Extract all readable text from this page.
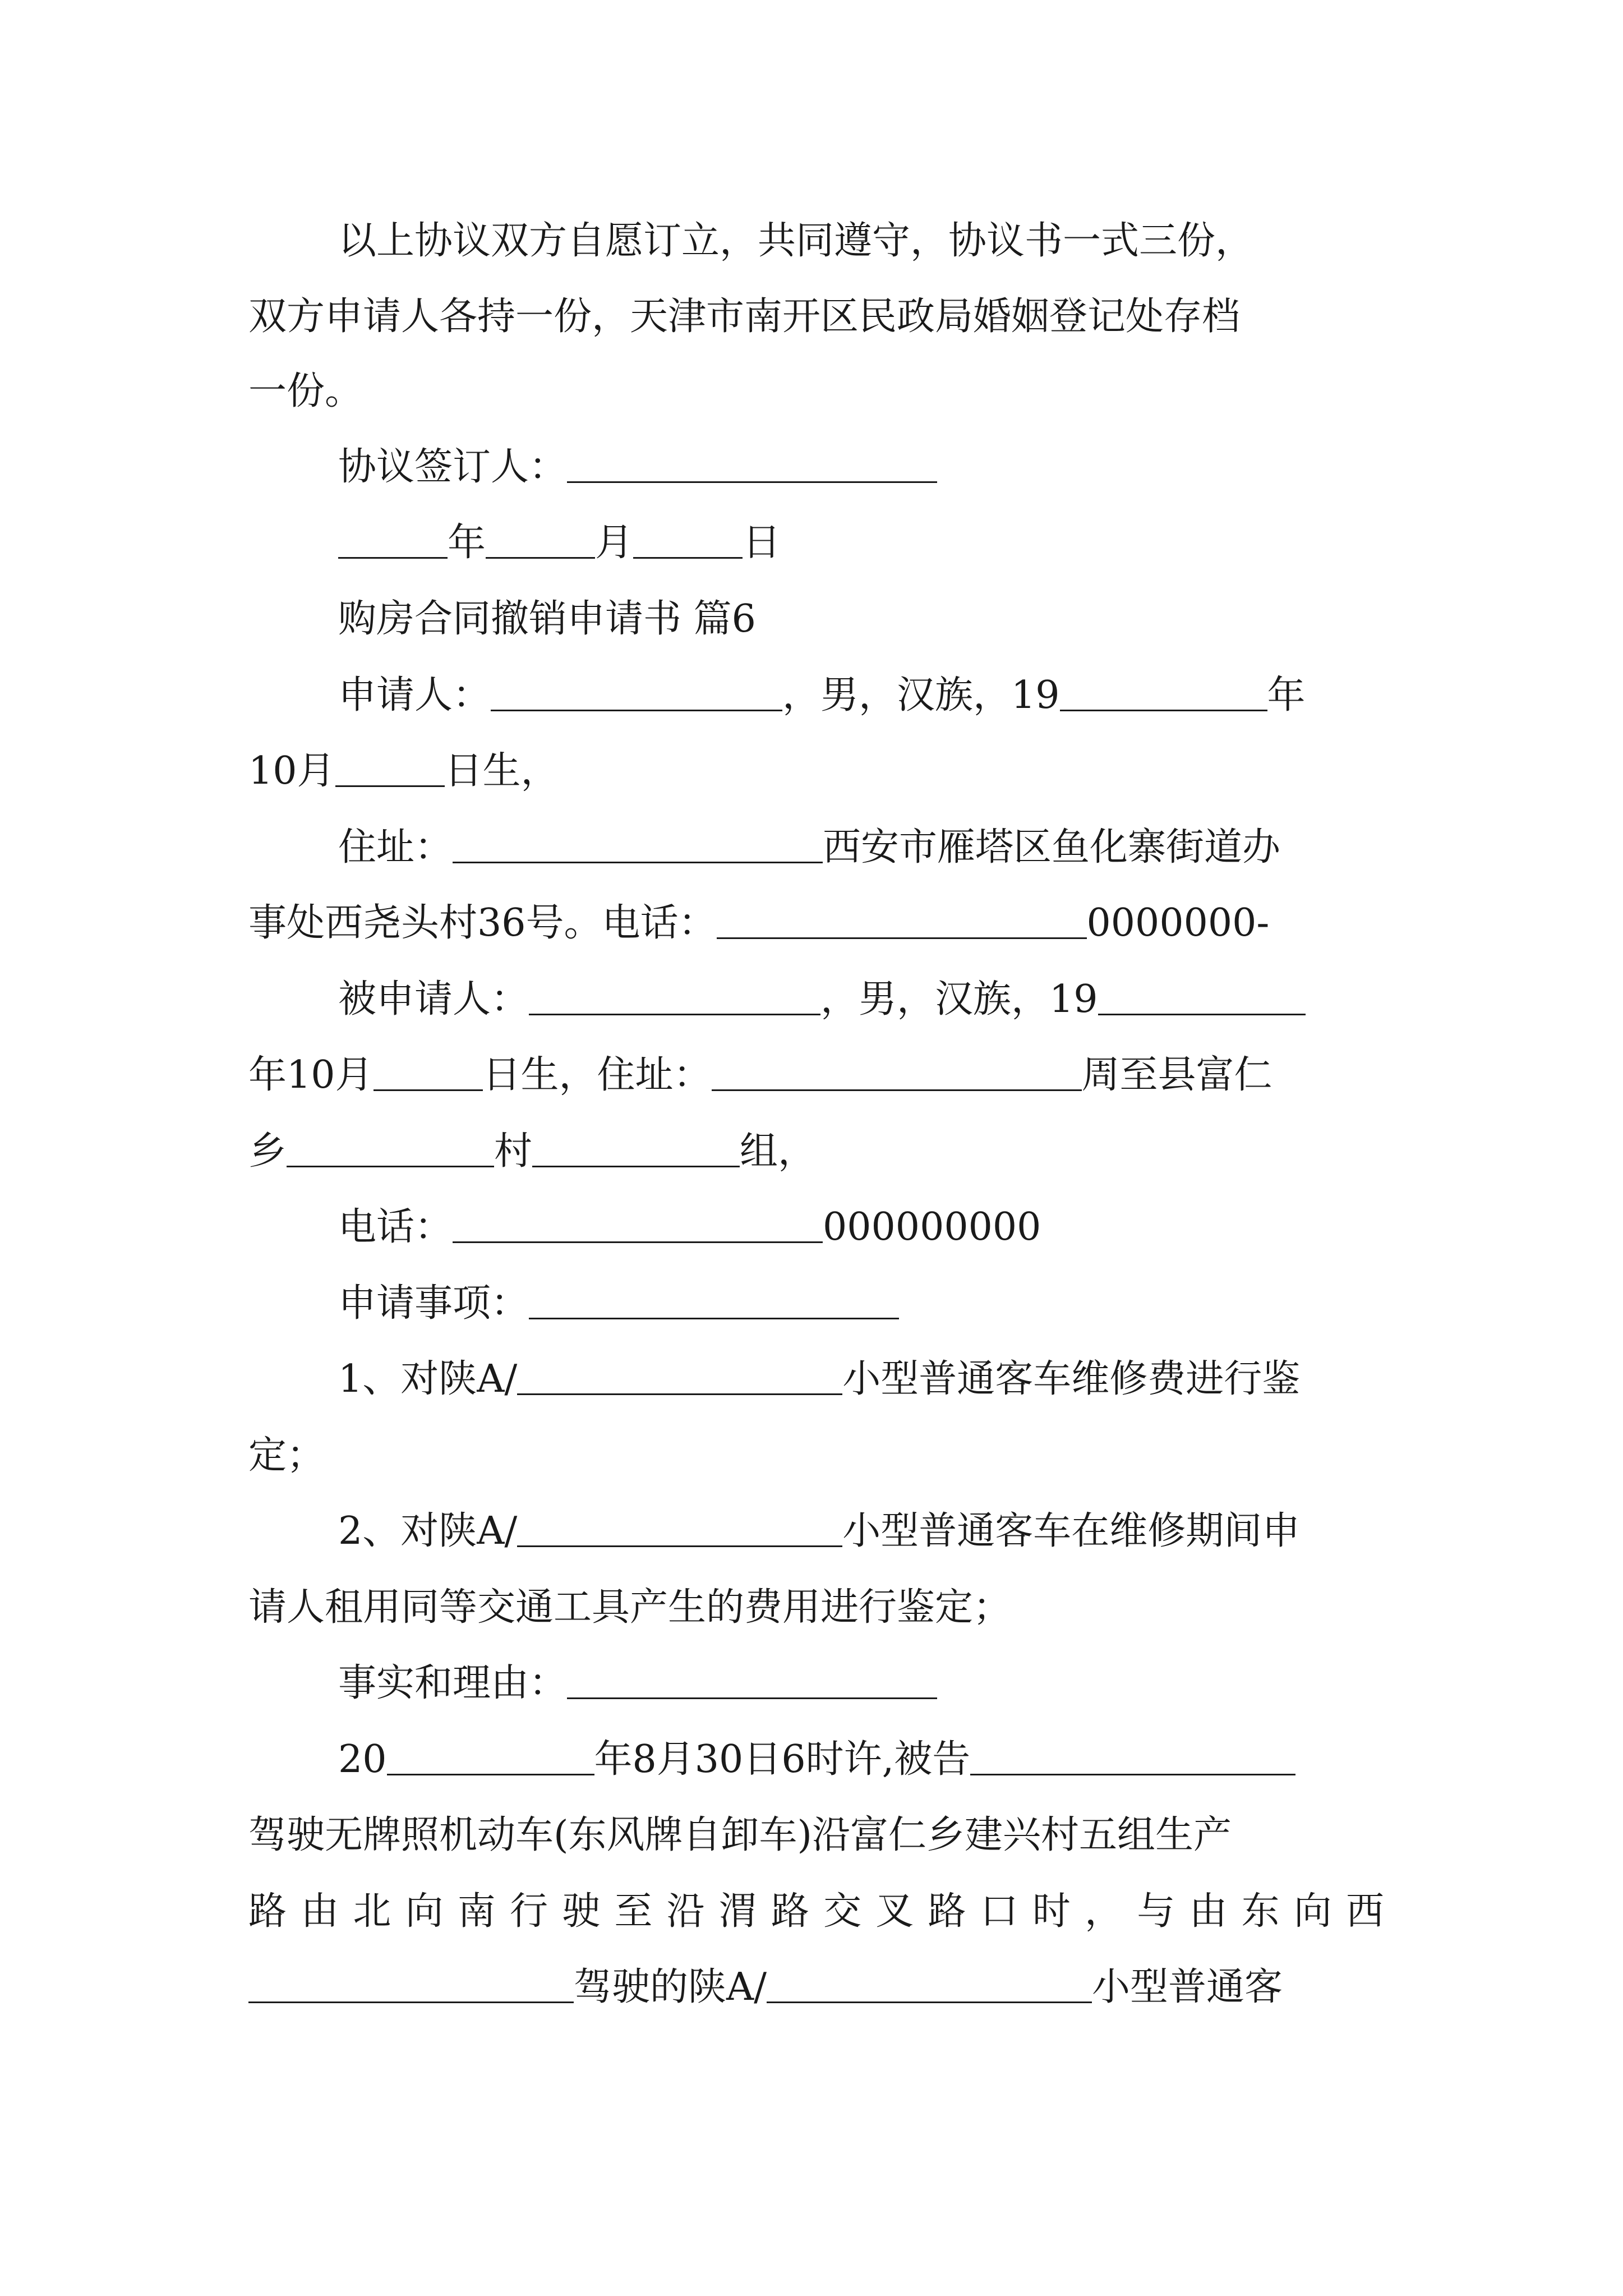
以上协议双方自愿订立，共同遵守，协议书一式三份，
双方申请人各持一份，天津市南开区民政局婚姻登记处存档
一份。
协议签订人：
年	月	日
购房合同撤销申请书 篇6
申请人：	，男，汉族，19	年
10月	日生，
住址：	西安市雁塔区鱼化寨街道办
事处西尧头村36号。电话：	0000000-
被申请人：	，男，汉族，19
年10月	日生，住址：	周至县富仁
乡	村	组，
电话：	000000000
申请事项：
1、对陕A/	小型普通客车维修费进行鉴
定；
2、对陕A/	小型普通客车在维修期间申
请人租用同等交通工具产生的费用进行鉴定；
事实和理由：
20	年8月30日6时许,被告
驾驶无牌照机动车(东风牌自卸车)沿富仁乡建兴村五组生产
路由北向南行驶至沿渭路交叉路口时，与由东向西
驾驶的陕A/	小型普通客
